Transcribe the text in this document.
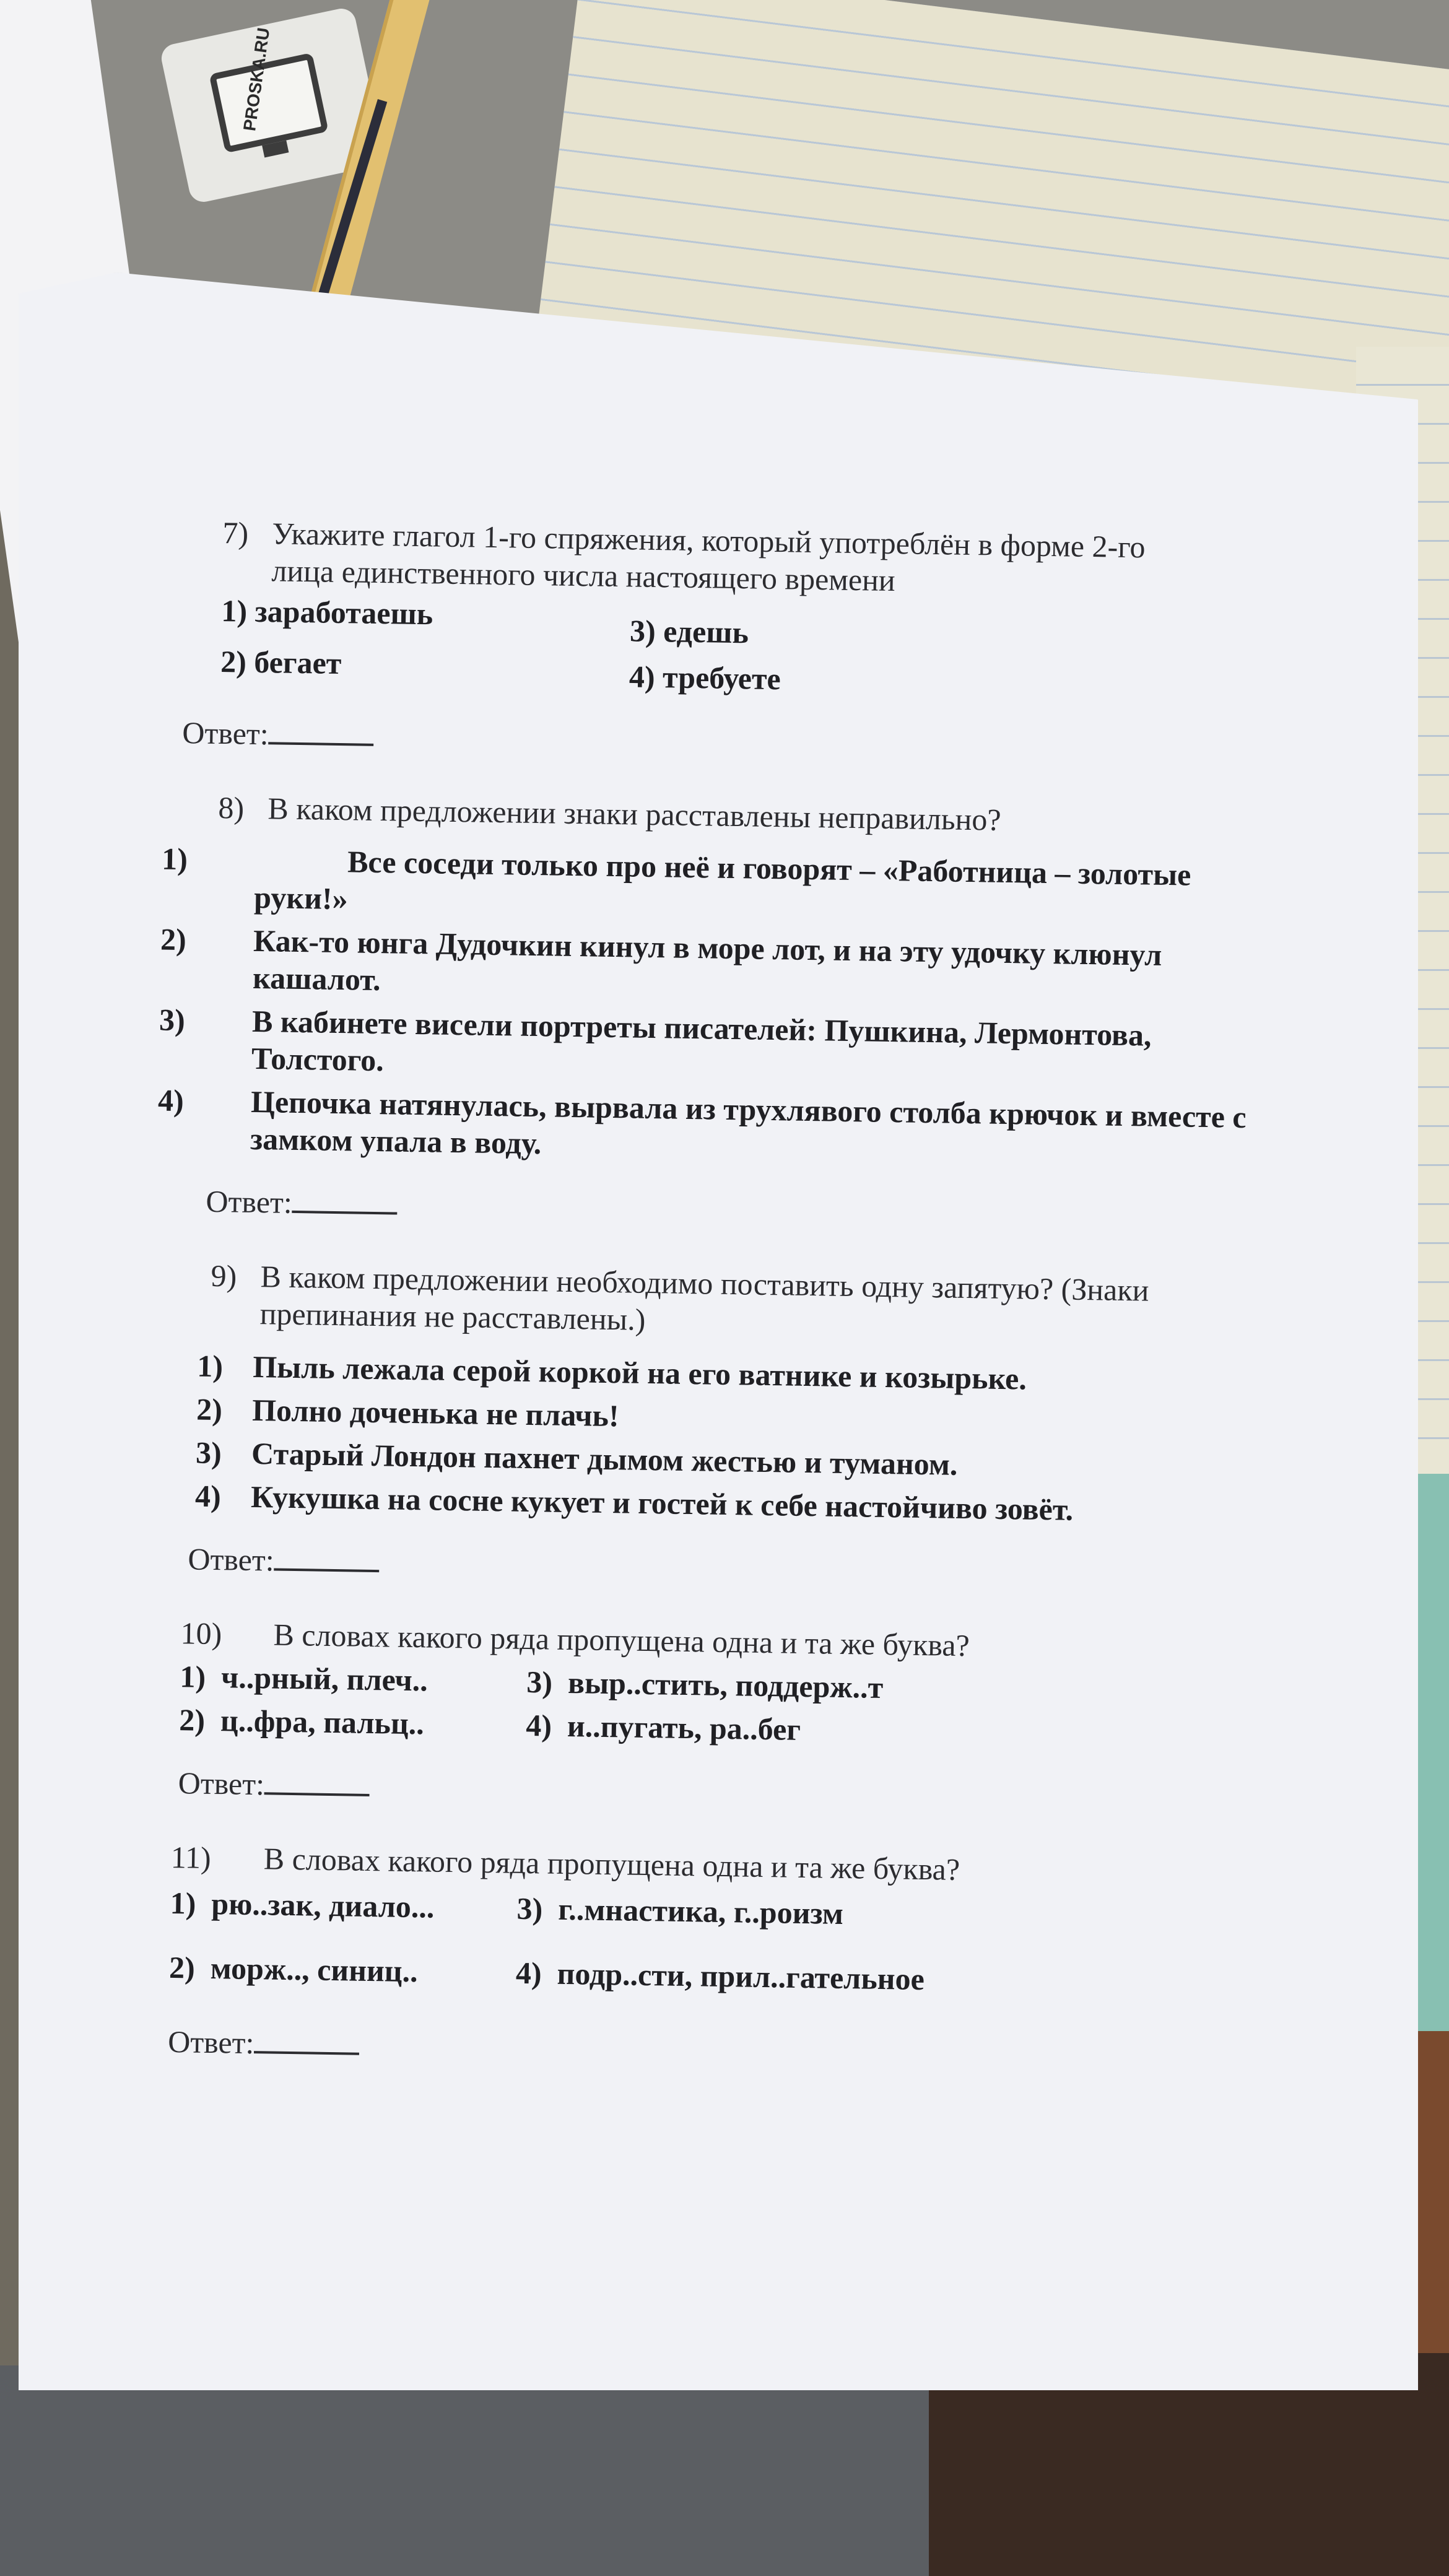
PROSKA.RU
7) Укажите глагол 1-го спряжения, который употреблён в форме 2-го
лица единственного числа настоящего времени
1) заработаешь	3) едешь
2) бегает	4) требуете
Ответ:
8) В каком предложении знаки расставлены неправильно?
1)	Все соседи только про неё и говорят – «Работница – золотые руки!»
2)	Как-то юнга Дудочкин кинул в море лот, и на эту удочку клюнул кашалот.
3)	В кабинете висели портреты писателей: Пушкина, Лермонтова, Толстого.
4)	Цепочка натянулась, вырвала из трухлявого столба крючок и вместе с замком упала в воду.
Ответ:
9) В каком предложении необходимо поставить одну запятую? (Знаки
препинания не расставлены.)
1) Пыль лежала серой коркой на его ватнике и козырьке.
2) Полно доченька не плачь!
3) Старый Лондон пахнет дымом жестью и туманом.
4) Кукушка на сосне кукует и гостей к себе настойчиво зовёт.
Ответ:
10)	В словах какого ряда пропущена одна и та же буква?
1) ч..рный, плеч..	3) выр..стить, поддерж..т
2) ц..фра, пальц..	4) и..пугать, ра..бег
Ответ:
11)	В словах какого ряда пропущена одна и та же буква?
1) рю..зак, диало...	3) г..мнастика, г..роизм
2) морж.., синиц..	4) подр..сти, прил..гательное
Ответ:
